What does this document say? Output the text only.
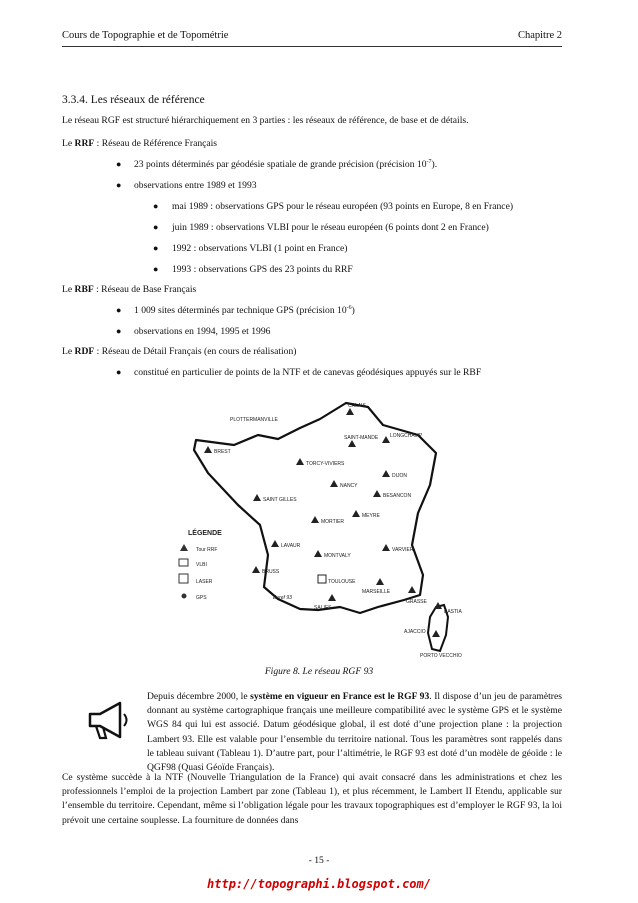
Cours de Topographie et de Topométrie	Chapitre 2
3.3.4. Les réseaux de référence
Le réseau RGF est structuré hiérarchiquement en 3 parties : les réseaux de référence, de base et de détails.
Le RRF : Réseau de Référence Français
● 23 points déterminés par géodésie spatiale de grande précision (précision $10^{-7}$).
● observations entre 1989 et 1993
● mai 1989 : observations GPS pour le réseau européen (93 points en Europe, 8 en France)
● juin 1989 : observations VLBI pour le réseau européen (6 points dont 2 en France)
● 1992 : observations VLBI (1 point en France)
● 1993 : observations GPS des 23 points du RRF
Le RBF : Réseau de Base Français
● 1 009 sites déterminés par technique GPS (précision $10^{-6}$)
● observations en 1994, 1995 et 1996
Le RDF : Réseau de Détail Français (en cours de réalisation)
● constitué en particulier de points de la NTF et de canevas géodésiques appuyés sur le RBF
LÉGENDE
Tour RRF
VLBI
LASER
GPS	Euref 93
CALAIS
PLOTTERMANVILLE
BREST
SAINT-MANDE LONGCHAMP
TORCY-VIVIERS
DIJON
NANCY
SAINT GILLES
BESANCON
MORTIER
MEYRE
LAVAUR
VARVIER
MONTVALY
BRUSS
TOULOUSE
MARSEILLE
SALIES
GRASSE
BASTIA
AJACCIO
PORTO VECCHIO
Figure 8. Le réseau RGF 93
Depuis décembre 2000, le système en vigueur en France est le RGF 93. Il dispose d’un jeu de paramètres donnant au système cartographique français une meilleure compatibilité avec le système GPS et le système WGS 84 qui lui est associé. Datum géodésique global, il est doté d’une projection plane : la projection Lambert 93. Elle est valable pour l’ensemble du territoire national. Tous les paramètres sont rappelés dans le tableau suivant (Tableau 1). D’autre part, pour l’altimétrie, le RGF 93 est doté d’un modèle de géoïde : le QGF98 (Quasi Géoïde Français).
Ce système succède à la NTF (Nouvelle Triangulation de la France) qui avait consacré dans les administrations et chez les professionnels l’emploi de la projection Lambert par zone (Tableau 1), et plus récemment, le Lambert II Etendu, applicable sur l’ensemble du territoire. Cependant, même si l’obligation légale pour les travaux topographiques est d’employer le RGF 93, la loi prévoit une certaine souplesse. La fourniture de données dans
- 15 -
http://topographi.blogspot.com/
